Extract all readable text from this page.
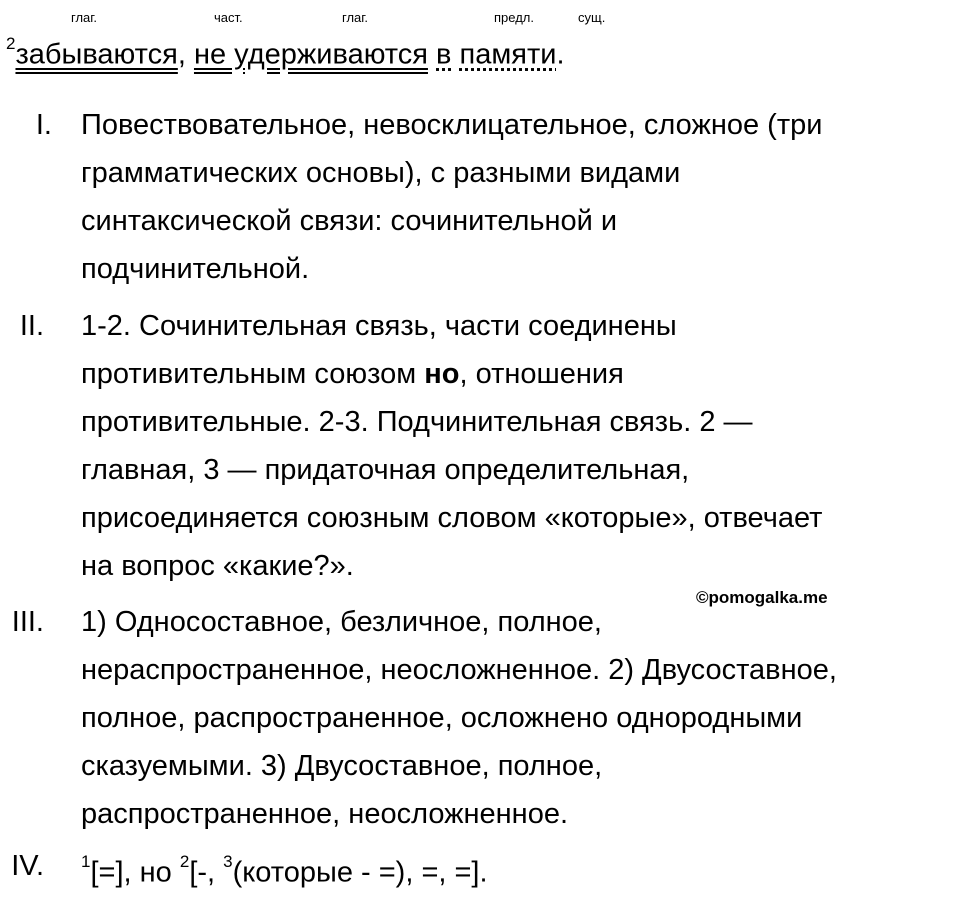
глаг.	част.	глаг.	предл.	сущ.
$^2$забываются, не удерживаются в памяти.
I. Повествовательное, невосклицательное, сложное (три
грамматических основы), с разными видами
синтаксической связи: сочинительной и
подчинительной.
II. 1-2. Сочинительная связь, части соединены
противительным союзом но, отношения
противительные. 2-3. Подчинительная связь. 2 —
главная, 3 — придаточная определительная,
присоединяется союзным словом «которые», отвечает
на вопрос «какие?».
III. 1) Односоставное, безличное, полное,
нераспространенное, неосложненное. 2) Двусоставное,
полное, распространенное, осложнено однородными
сказуемыми. 3) Двусоставное, полное,
распространенное, неосложненное.
©pomogalka.me
IV. $^1$[=], но $^2$[-, $^3$(которые - =), =, =].
